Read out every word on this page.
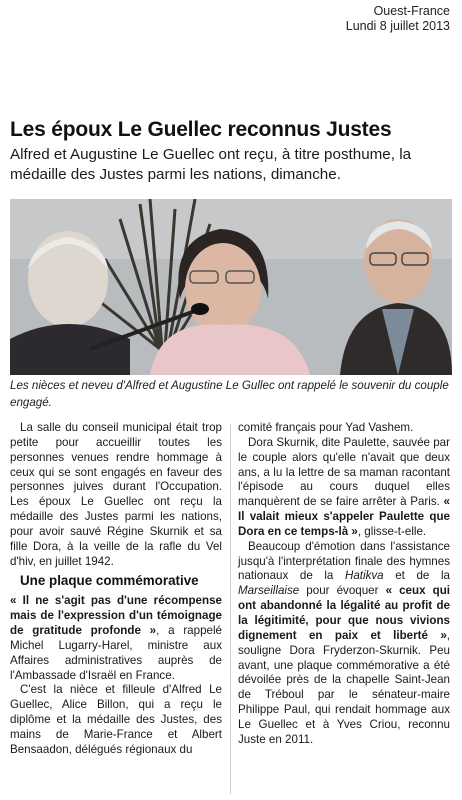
Ouest-France
Lundi 8 juillet 2013
Les époux Le Guellec reconnus Justes
Alfred et Augustine Le Guellec ont reçu, à titre posthume, la médaille des Justes parmi les nations, dimanche.
Les nièces et neveu d'Alfred et Augustine Le Gullec ont rappelé le souvenir du couple engagé.

La salle du conseil municipal était trop petite pour accueillir toutes les personnes venues rendre hommage à ceux qui se sont engagés en faveur des personnes juives durant l'Occupation. Les époux Le Guellec ont reçu la médaille des Justes parmi les nations, pour avoir sauvé Régine Skurnik et sa fille Dora, à la veille de la rafle du Vel d'hiv, en juillet 1942.

Une plaque commémorative

« Il ne s'agit pas d'une récompense mais de l'expression d'un témoignage de gratitude profonde », a rappelé Michel Lugarry-Harel, ministre aux Affaires administratives auprès de l'Ambassade d'Israël en France.

C'est la nièce et filleule d'Alfred Le Guellec, Alice Billon, qui a reçu le diplôme et la médaille des Justes, des mains de Marie-France et Albert Bensaadon, délégués régionaux du

comité français pour Yad Vashem.

Dora Skurnik, dite Paulette, sauvée par le couple alors qu'elle n'avait que deux ans, a lu la lettre de sa maman racontant l'épisode au cours duquel elles manquèrent de se faire arrêter à Paris. « Il valait mieux s'appeler Paulette que Dora en ce temps-là », glisse-t-elle.

Beaucoup d'émotion dans l'assistance jusqu'à l'interprétation finale des hymnes nationaux de la Hatikva et de la Marseillaise pour évoquer « ceux qui ont abandonné la légalité au profit de la légitimité, pour que nous vivions dignement en paix et liberté », souligne Dora Fryderzon-Skurnik. Peu avant, une plaque commémorative a été dévoilée près de la chapelle Saint-Jean de Tréboul par le sénateur-maire Philippe Paul, qui rendait hommage aux Le Guellec et à Yves Criou, reconnu Juste en 2011.
